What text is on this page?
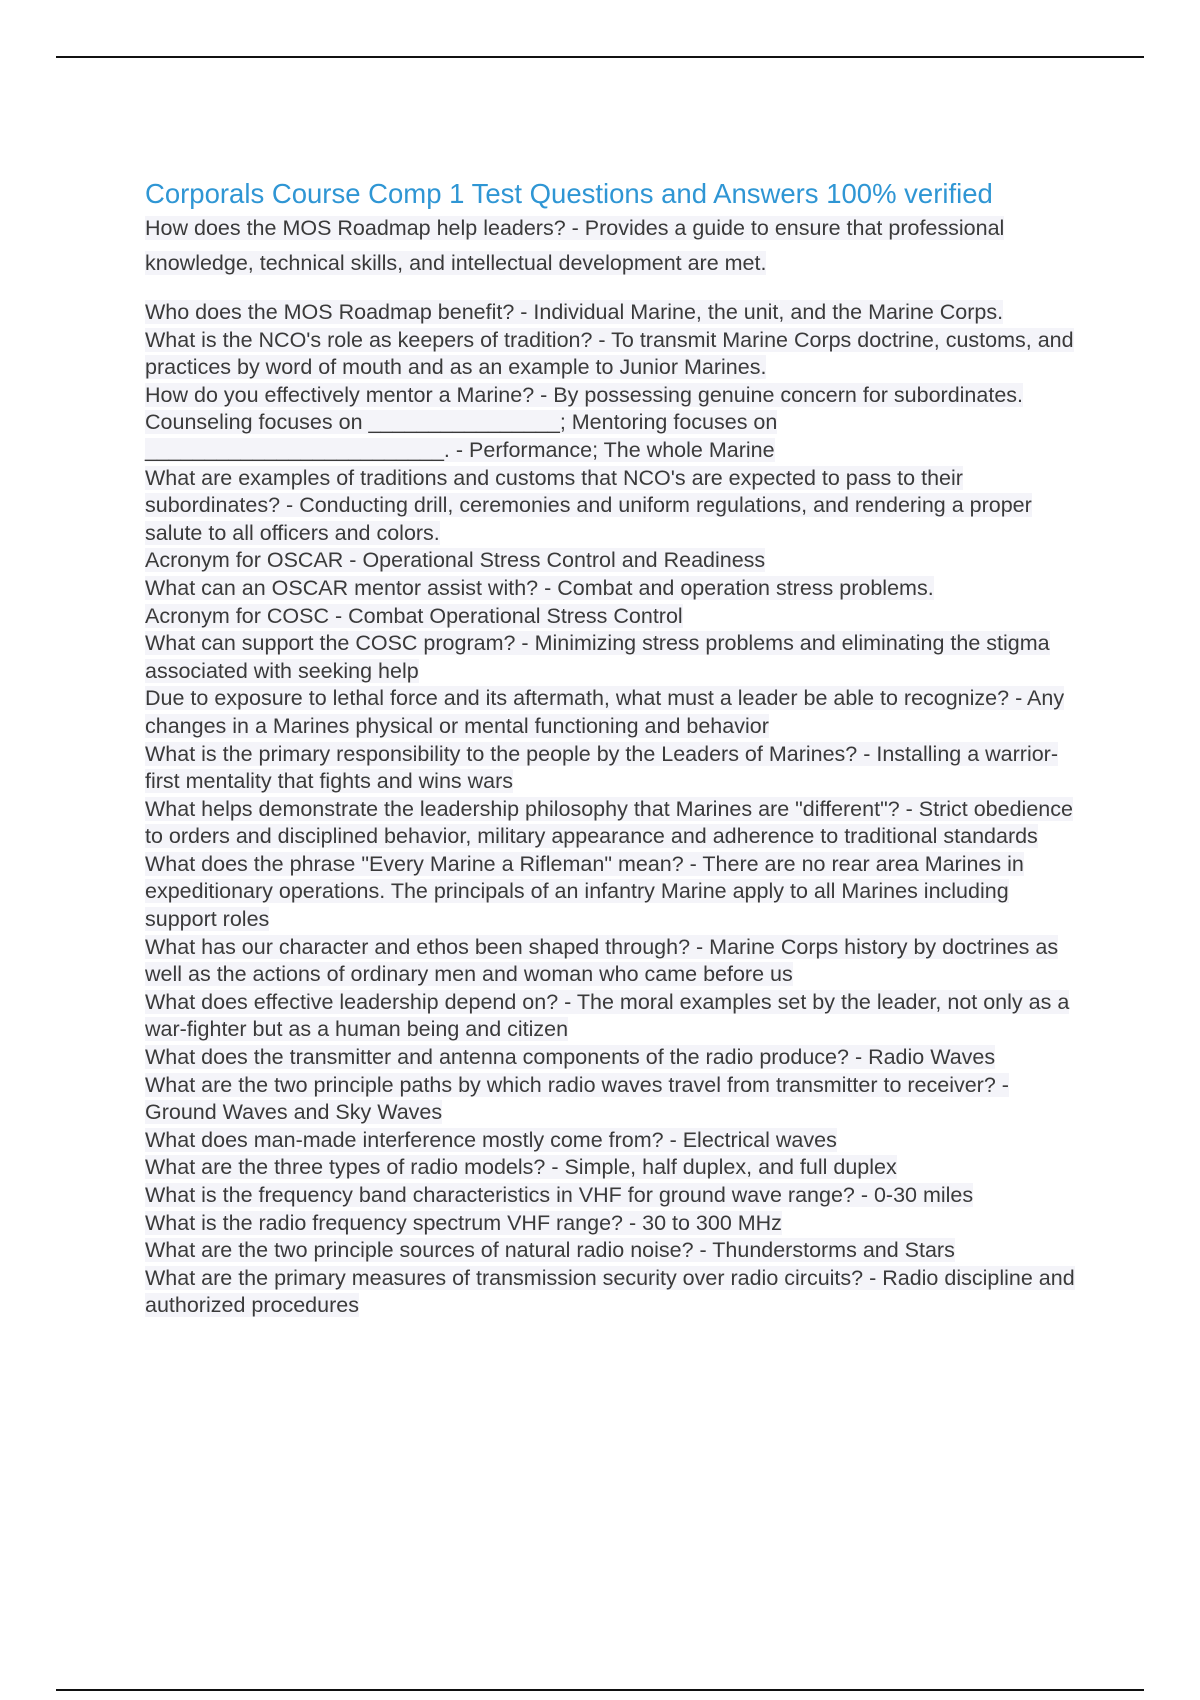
Corporals Course Comp 1 Test Questions and Answers 100% verified
How does the MOS Roadmap help leaders? - Provides a guide to ensure that professional knowledge, technical skills, and intellectual development are met.
Who does the MOS Roadmap benefit? - Individual Marine, the unit, and the Marine Corps.
What is the NCO's role as keepers of tradition? - To transmit Marine Corps doctrine, customs, and practices by word of mouth and as an example to Junior Marines.
How do you effectively mentor a Marine? - By possessing genuine concern for subordinates.
Counseling focuses on ________________; Mentoring focuses on _________________________. - Performance; The whole Marine
What are examples of traditions and customs that NCO's are expected to pass to their subordinates? - Conducting drill, ceremonies and uniform regulations, and rendering a proper salute to all officers and colors.
Acronym for OSCAR - Operational Stress Control and Readiness
What can an OSCAR mentor assist with? - Combat and operation stress problems.
Acronym for COSC - Combat Operational Stress Control
What can support the COSC program? - Minimizing stress problems and eliminating the stigma associated with seeking help
Due to exposure to lethal force and its aftermath, what must a leader be able to recognize? - Any changes in a Marines physical or mental functioning and behavior
What is the primary responsibility to the people by the Leaders of Marines? - Installing a warrior-first mentality that fights and wins wars
What helps demonstrate the leadership philosophy that Marines are "different"? - Strict obedience to orders and disciplined behavior, military appearance and adherence to traditional standards
What does the phrase "Every Marine a Rifleman" mean? - There are no rear area Marines in expeditionary operations. The principals of an infantry Marine apply to all Marines including support roles
What has our character and ethos been shaped through? - Marine Corps history by doctrines as well as the actions of ordinary men and woman who came before us
What does effective leadership depend on? - The moral examples set by the leader, not only as a war-fighter but as a human being and citizen
What does the transmitter and antenna components of the radio produce? - Radio Waves
What are the two principle paths by which radio waves travel from transmitter to receiver? - Ground Waves and Sky Waves
What does man-made interference mostly come from? - Electrical waves
What are the three types of radio models? - Simple, half duplex, and full duplex
What is the frequency band characteristics in VHF for ground wave range? - 0-30 miles
What is the radio frequency spectrum VHF range? - 30 to 300 MHz
What are the two principle sources of natural radio noise? - Thunderstorms and Stars
What are the primary measures of transmission security over radio circuits? - Radio discipline and authorized procedures
